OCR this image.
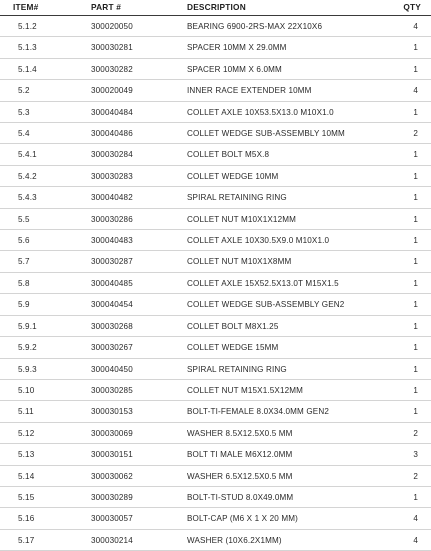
ITEM#	PART #	DESCRIPTION	QTY
5.1.2	300020050	BEARING 6900-2RS-MAX 22X10X6	4
5.1.3	300030281	SPACER 10MM X 29.0MM	1
5.1.4	300030282	SPACER 10MM X 6.0MM	1
5.2	300020049	INNER RACE EXTENDER 10MM	4
5.3	300040484	COLLET AXLE 10X53.5X13.0 M10X1.0	1
5.4	300040486	COLLET WEDGE SUB-ASSEMBLY 10MM	2
5.4.1	300030284	COLLET BOLT M5X.8	1
5.4.2	300030283	COLLET WEDGE 10MM	1
5.4.3	300040482	SPIRAL RETAINING RING	1
5.5	300030286	COLLET NUT M10X1X12MM	1
5.6	300040483	COLLET AXLE 10X30.5X9.0 M10X1.0	1
5.7	300030287	COLLET NUT M10X1X8MM	1
5.8	300040485	COLLET AXLE 15X52.5X13.0T M15X1.5	1
5.9	300040454	COLLET WEDGE SUB-ASSEMBLY GEN2	1
5.9.1	300030268	COLLET BOLT M8X1.25	1
5.9.2	300030267	COLLET WEDGE 15MM	1
5.9.3	300040450	SPIRAL RETAINING RING	1
5.10	300030285	COLLET NUT M15X1.5X12MM	1
5.11	300030153	BOLT-TI-FEMALE 8.0X34.0MM GEN2	1
5.12	300030069	WASHER 8.5X12.5X0.5 MM	2
5.13	300030151	BOLT TI MALE M6X12.0MM	3
5.14	300030062	WASHER 6.5X12.5X0.5 MM	2
5.15	300030289	BOLT-TI-STUD 8.0X49.0MM	1
5.16	300030057	BOLT-CAP (M6 X 1 X 20 MM)	4
5.17	300030214	WASHER (10X6.2X1MM)	4
